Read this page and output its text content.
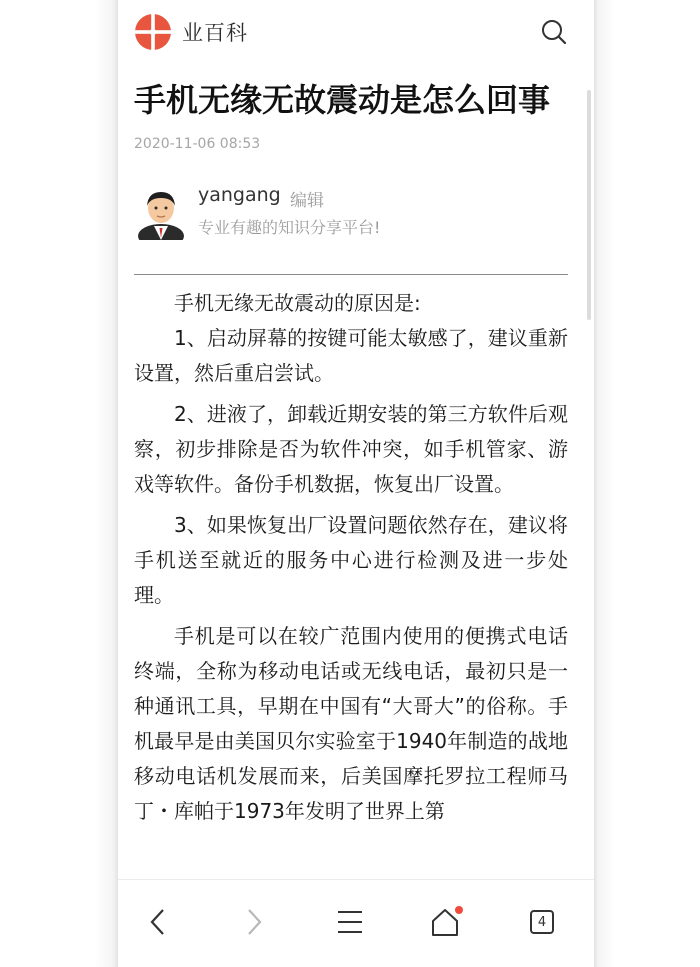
业百科
手机无缘无故震动是怎么回事
2020-11-06 08:53
yangang 编辑
专业有趣的知识分享平台!

手机无缘无故震动的原因是:

1、启动屏幕的按键可能太敏感了，建议重新设置，然后重启尝试。

2、进液了，卸载近期安装的第三方软件后观察，初步排除是否为软件冲突，如手机管家、游戏等软件。备份手机数据，恢复出厂设置。

3、如果恢复出厂设置问题依然存在，建议将手机送至就近的服务中心进行检测及进一步处理。

手机是可以在较广范围内使用的便携式电话终端，全称为移动电话或无线电话，最初只是一种通讯工具，早期在中国有“大哥大”的俗称。手机最早是由美国贝尔实验室于1940年制造的战地移动电话机发展而来，后美国摩托罗拉工程师马丁・库帕于1973年发明了世界上第

4
